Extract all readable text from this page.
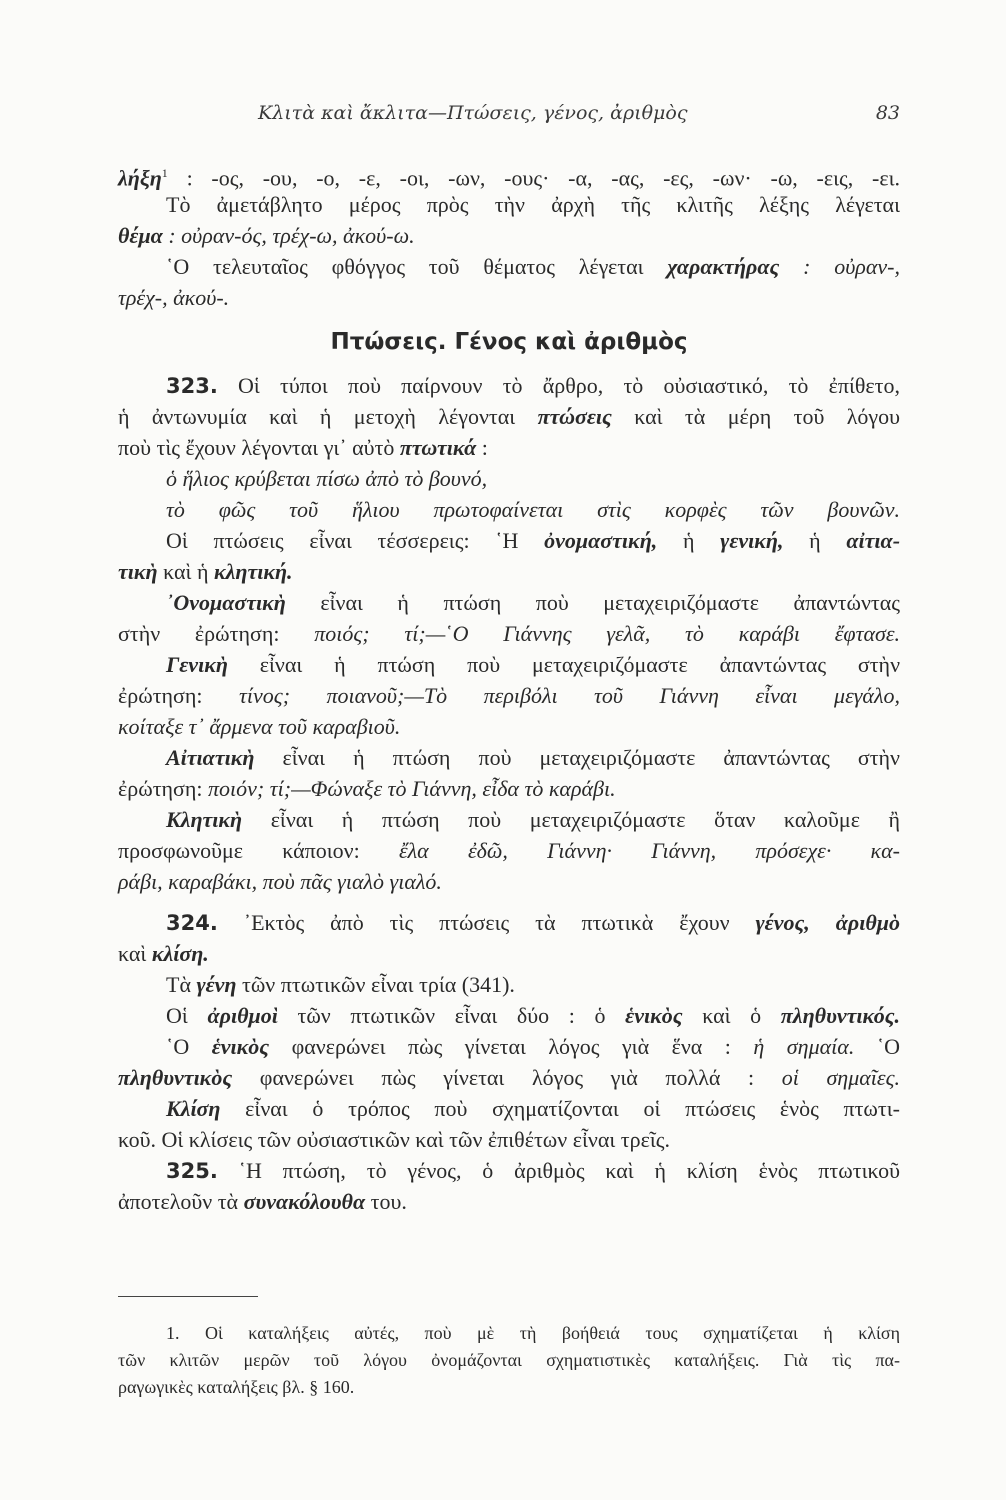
Κλιτὰ καὶ ἄκλιτα—Πτώσεις, γένος, ἀριθμὸς	83
λήξη$^1$ : -ος, -ου, -ο, -ε, -οι, -ων, -ους· -α, -ας, -ες, -ων· -ω, -εις, -ει.
Τὸ ἀμετάβλητο μέρος πρὸς τὴν ἀρχὴ τῆς κλιτῆς λέξης λέγεται
θέμα : οὐραν-ός, τρέχ-ω, ἀκού-ω.
῾Ο τελευταῖος φθόγγος τοῦ θέματος λέγεται χαρακτήρας : οὐραν-,
τρέχ-, ἀκού-.
Πτώσεις. Γένος καὶ ἀριθμὸς
323. Οἱ τύποι ποὺ παίρνουν τὸ ἄρθρο, τὸ οὐσιαστικό, τὸ ἐπίθετο,
ἡ ἀντωνυμία καὶ ἡ μετοχὴ λέγονται πτώσεις καὶ τὰ μέρη τοῦ λόγου
ποὺ τὶς ἔχουν λέγονται γι᾽ αὐτὸ πτωτικά :
ὁ ἥλιος κρύβεται πίσω ἀπὸ τὸ βουνό,
τὸ φῶς τοῦ ἥλιου πρωτοφαίνεται στὶς κορφὲς τῶν βουνῶν.
Οἱ πτώσεις εἶναι τέσσερεις: ῾Η ὀνομαστική, ἡ γενική, ἡ αἰτια-
τικὴ καὶ ἡ κλητική.
᾽Ονομαστικὴ εἶναι ἡ πτώση ποὺ μεταχειριζόμαστε ἀπαντώντας
στὴν ἐρώτηση: ποιός; τί;—῾Ο Γιάννης γελᾶ, τὸ καράβι ἔφτασε.
Γενικὴ εἶναι ἡ πτώση ποὺ μεταχειριζόμαστε ἀπαντώντας στὴν
ἐρώτηση: τίνος; ποιανοῦ;—Τὸ περιβόλι τοῦ Γιάννη εἶναι μεγάλο,
κοίταξε τ᾽ ἄρμενα τοῦ καραβιοῦ.
Αἰτιατικὴ εἶναι ἡ πτώση ποὺ μεταχειριζόμαστε ἀπαντώντας στὴν
ἐρώτηση: ποιόν; τί;—Φώναξε τὸ Γιάννη, εἶδα τὸ καράβι.
Κλητικὴ εἶναι ἡ πτώση ποὺ μεταχειριζόμαστε ὅταν καλοῦμε ἢ
προσφωνοῦμε κάποιον: ἔλα ἐδῶ, Γιάννη· Γιάννη, πρόσεχε· κα-
ράβι, καραβάκι, ποὺ πᾶς γιαλὸ γιαλό.
324. ᾽Εκτὸς ἀπὸ τὶς πτώσεις τὰ πτωτικὰ ἔχουν γένος, ἀριθμὸ
καὶ κλίση.
Τὰ γένη τῶν πτωτικῶν εἶναι τρία (341).
Οἱ ἀριθμοὶ τῶν πτωτικῶν εἶναι δύο : ὁ ἑνικὸς καὶ ὁ πληθυντικός.
῾Ο ἑνικὸς φανερώνει πὼς γίνεται λόγος γιὰ ἕνα : ἡ σημαία. ῾Ο
πληθυντικὸς φανερώνει πὼς γίνεται λόγος γιὰ πολλά : οἱ σημαῖες.
Κλίση εἶναι ὁ τρόπος ποὺ σχηματίζονται οἱ πτώσεις ἑνὸς πτωτι-
κοῦ. Οἱ κλίσεις τῶν οὐσιαστικῶν καὶ τῶν ἐπιθέτων εἶναι τρεῖς.
325. ῾Η πτώση, τὸ γένος, ὁ ἀριθμὸς καὶ ἡ κλίση ἑνὸς πτωτικοῦ
ἀποτελοῦν τὰ συνακόλουθα του.
1. Οἱ καταλήξεις αὐτές, ποὺ μὲ τὴ βοήθειά τους σχηματίζεται ἡ κλίση
τῶν κλιτῶν μερῶν τοῦ λόγου ὀνομάζονται σχηματιστικὲς καταλήξεις. Γιὰ τὶς πα-
ραγωγικὲς καταλήξεις βλ. § 160.
